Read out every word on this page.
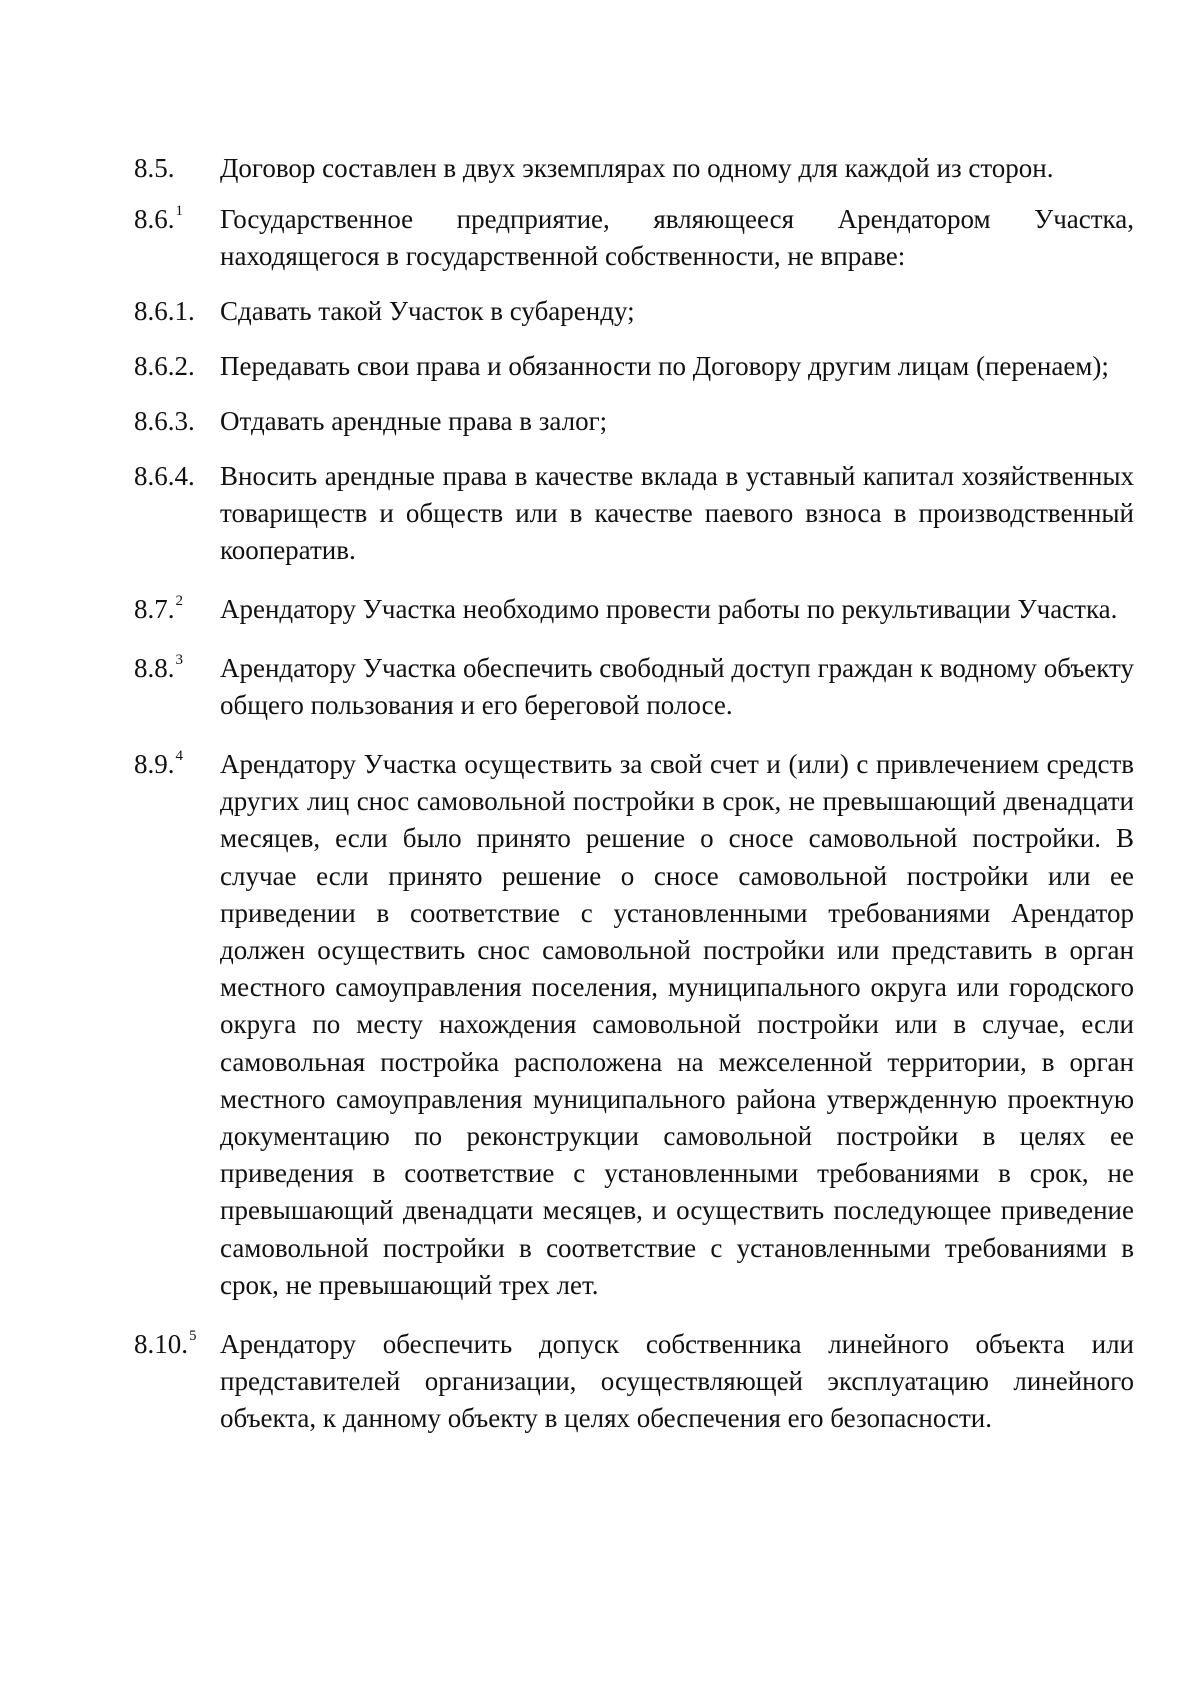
8.5.	Договор составлен в двух экземплярах по одному для каждой из сторон.
8.6.$^1$	Государственное предприятие, являющееся Арендатором Участка, находящегося в государственной собственности, не вправе:
8.6.1. Сдавать такой Участок в субаренду;
8.6.2. Передавать свои права и обязанности по Договору другим лицам (перенаем);
8.6.3. Отдавать арендные права в залог;
8.6.4. Вносить арендные права в качестве вклада в уставный капитал хозяйственных товариществ и обществ или в качестве паевого взноса в производственный кооператив.
8.7.$^2$	Арендатору Участка необходимо провести работы по рекультивации Участка.
8.8.$^3$	Арендатору Участка обеспечить свободный доступ граждан к водному объекту общего пользования и его береговой полосе.
8.9.$^4$	Арендатору Участка осуществить за свой счет и (или) с привлечением средств других лиц снос самовольной постройки в срок, не превышающий двенадцати месяцев, если было принято решение о сносе самовольной постройки. В случае если принято решение о сносе самовольной постройки или ее приведении в соответствие с установленными требованиями Арендатор должен осуществить снос самовольной постройки или представить в орган местного самоуправления поселения, муниципального округа или городского округа по месту нахождения самовольной постройки или в случае, если самовольная постройка расположена на межселенной территории, в орган местного самоуправления муниципального района утвержденную проектную документацию по реконструкции самовольной постройки в целях ее приведения в соответствие с установленными требованиями в срок, не превышающий двенадцати месяцев, и осуществить последующее приведение самовольной постройки в соответствие с установленными требованиями в срок, не превышающий трех лет.
8.10.$^5$ Арендатору обеспечить допуск собственника линейного объекта или представителей организации, осуществляющей эксплуатацию линейного объекта, к данному объекту в целях обеспечения его безопасности.
